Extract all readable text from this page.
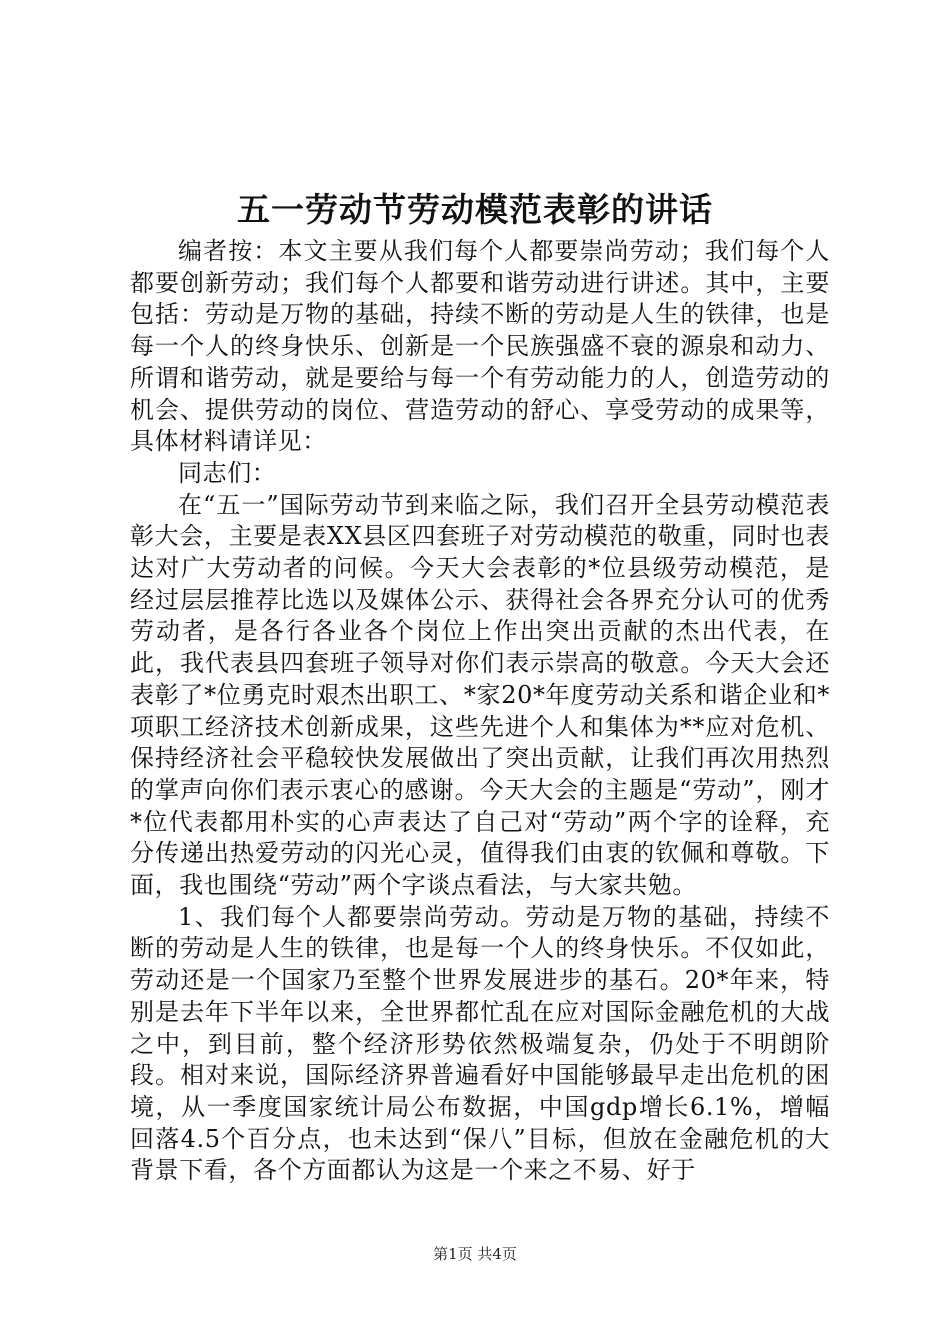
五一劳动节劳动模范表彰的讲话

编者按：本文主要从我们每个人都要崇尚劳动；我们每个人都要创新劳动；我们每个人都要和谐劳动进行讲述。其中，主要包括：劳动是万物的基础，持续不断的劳动是人生的铁律，也是每一个人的终身快乐、创新是一个民族强盛不衰的源泉和动力、所谓和谐劳动，就是要给与每一个有劳动能力的人，创造劳动的机会、提供劳动的岗位、营造劳动的舒心、享受劳动的成果等，具体材料请详见：

同志们：

在“五一”国际劳动节到来临之际，我们召开全县劳动模范表彰大会，主要是表XX县区四套班子对劳动模范的敬重，同时也表达对广大劳动者的问候。今天大会表彰的*位县级劳动模范，是经过层层推荐比选以及媒体公示、获得社会各界充分认可的优秀劳动者，是各行各业各个岗位上作出突出贡献的杰出代表，在此，我代表县四套班子领导对你们表示崇高的敬意。今天大会还表彰了*位勇克时艰杰出职工、*家20*年度劳动关系和谐企业和*项职工经济技术创新成果，这些先进个人和集体为**应对危机、保持经济社会平稳较快发展做出了突出贡献，让我们再次用热烈的掌声向你们表示衷心的感谢。今天大会的主题是“劳动”，刚才*位代表都用朴实的心声表达了自己对“劳动”两个字的诠释，充分传递出热爱劳动的闪光心灵，值得我们由衷的钦佩和尊敬。下面，我也围绕“劳动”两个字谈点看法，与大家共勉。

1、我们每个人都要崇尚劳动。劳动是万物的基础，持续不断的劳动是人生的铁律，也是每一个人的终身快乐。不仅如此，劳动还是一个国家乃至整个世界发展进步的基石。20*年来，特别是去年下半年以来，全世界都忙乱在应对国际金融危机的大战之中，到目前，整个经济形势依然极端复杂，仍处于不明朗阶段。相对来说，国际经济界普遍看好中国能够最早走出危机的困境，从一季度国家统计局公布数据，中国gdp增长6.1%，增幅回落4.5个百分点，也未达到“保八”目标，但放在金融危机的大背景下看，各个方面都认为这是一个来之不易、好于

第1页 共4页
